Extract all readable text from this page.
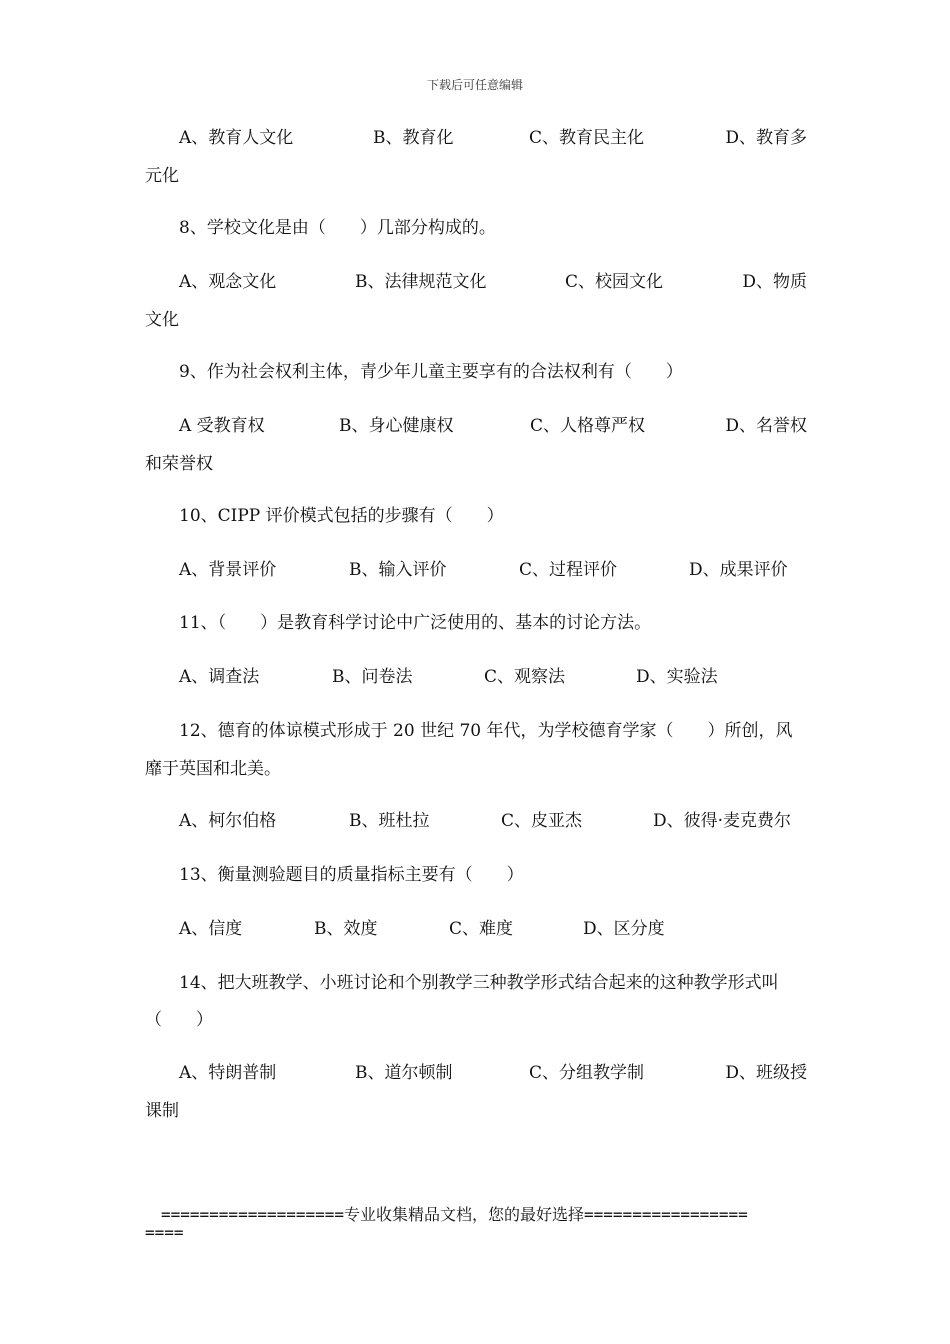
下载后可任意编辑
A、教育人文化	B、教育化	C、教育民主化	D、教育多
元化
8、学校文化是由（　　）几部分构成的。
A、观念文化	B、法律规范文化	C、校园文化	D、物质
文化
9、作为社会权利主体，青少年儿童主要享有的合法权利有（　　）
A 受教育权	B、身心健康权	C、人格尊严权	D、名誉权
和荣誉权
10、CIPP 评价模式包括的步骤有（　　）
A、背景评价	B、输入评价	C、过程评价	D、成果评价
11、（　　）是教育科学讨论中广泛使用的、基本的讨论方法。
A、调查法	B、问卷法	C、观察法	D、实验法
12、德育的体谅模式形成于 20 世纪 70 年代，为学校德育学家（　　）所创，风
靡于英国和北美。
A、柯尔伯格	B、班杜拉	C、皮亚杰	D、彼得·麦克费尔
13、衡量测验题目的质量指标主要有（　　）
A、信度	B、效度	C、难度	D、区分度
14、把大班教学、小班讨论和个别教学三种教学形式结合起来的这种教学形式叫
（　　）
A、特朗普制	B、道尔顿制	C、分组教学制	D、班级授
课制
===================专业收集精品文档，您的最好选择=================
====
